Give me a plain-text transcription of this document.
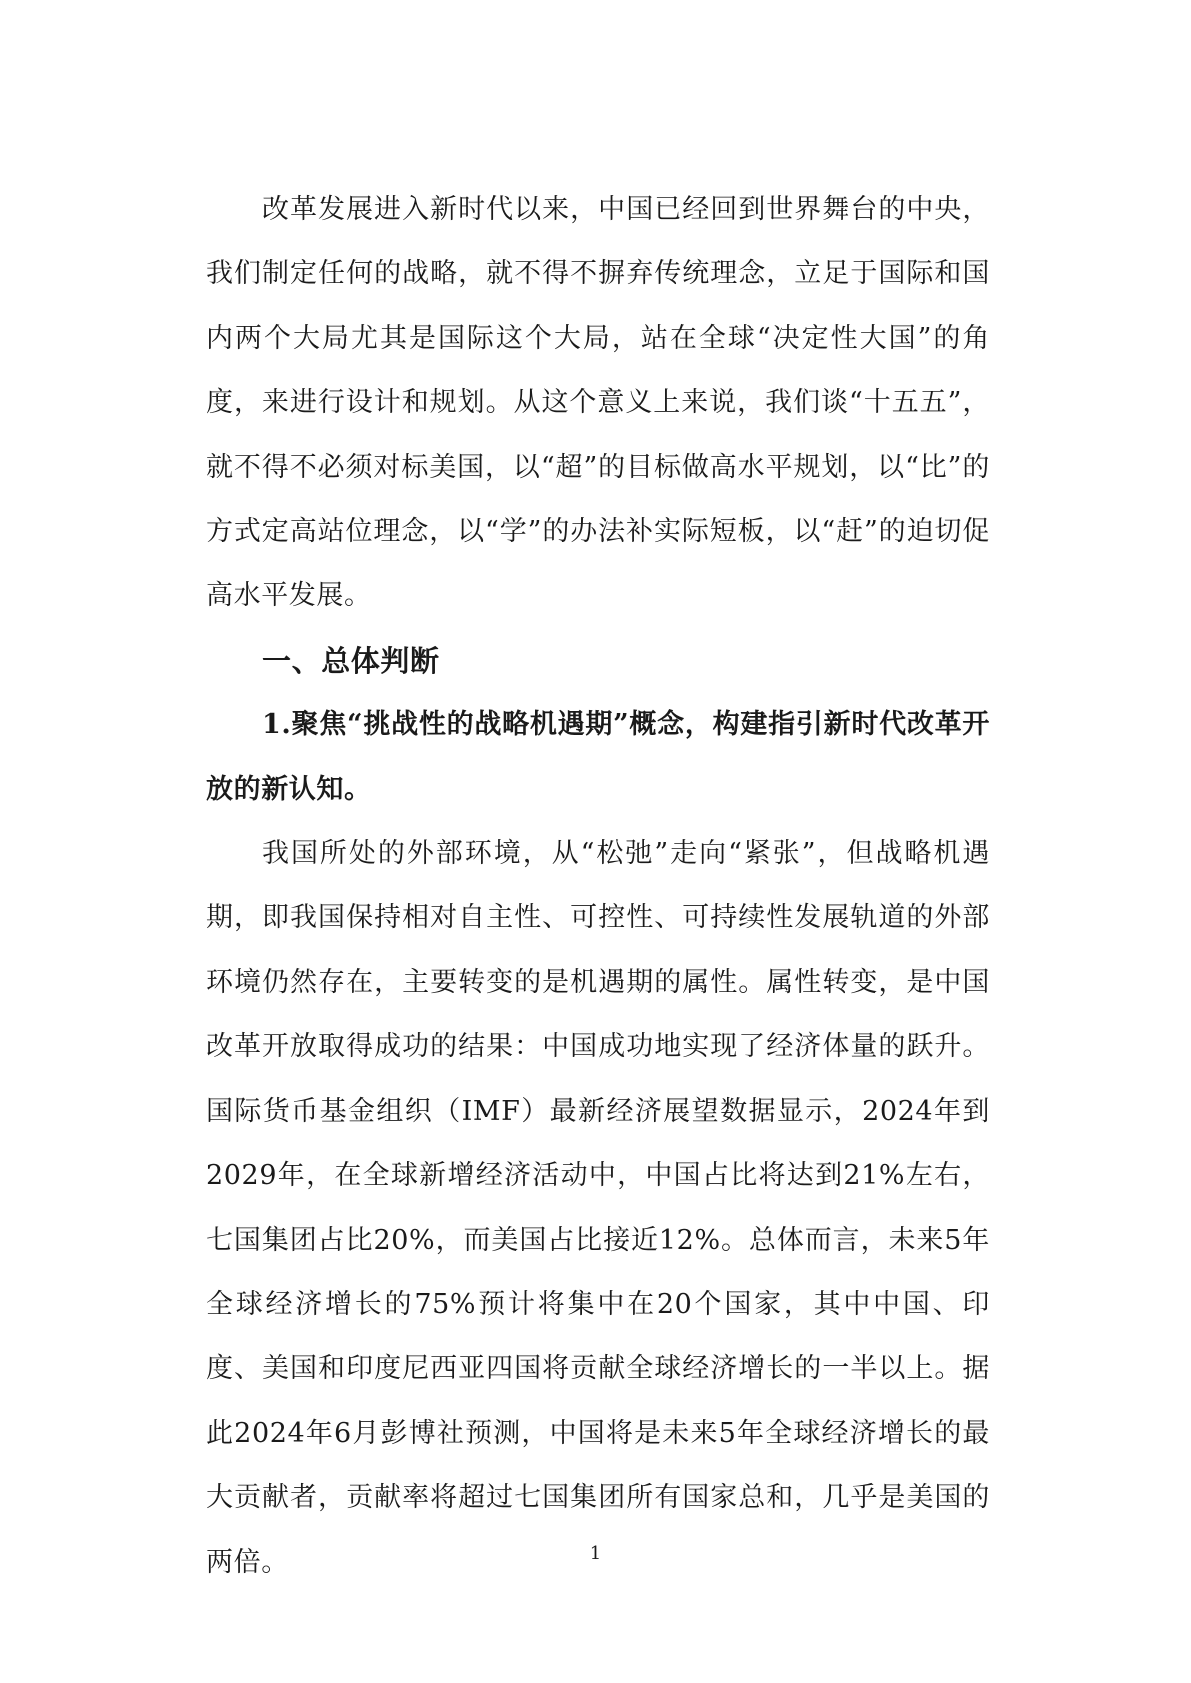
改革发展进入新时代以来，中国已经回到世界舞台的中央，我们制定任何的战略，就不得不摒弃传统理念，立足于国际和国内两个大局尤其是国际这个大局，站在全球“决定性大国”的角度，来进行设计和规划。从这个意义上来说，我们谈“十五五”，就不得不必须对标美国，以“超”的目标做高水平规划，以“比”的方式定高站位理念，以“学”的办法补实际短板，以“赶”的迫切促高水平发展。

一、总体判断
1.聚焦“挑战性的战略机遇期”概念，构建指引新时代改革开放的新认知。

我国所处的外部环境，从“松弛”走向“紧张”，但战略机遇期，即我国保持相对自主性、可控性、可持续性发展轨道的外部环境仍然存在，主要转变的是机遇期的属性。属性转变，是中国改革开放取得成功的结果：中国成功地实现了经济体量的跃升。国际货币基金组织（IMF）最新经济展望数据显示，2024年到2029年，在全球新增经济活动中，中国占比将达到21%左右，七国集团占比20%，而美国占比接近12%。总体而言，未来5年全球经济增长的75%预计将集中在20个国家，其中中国、印度、美国和印度尼西亚四国将贡献全球经济增长的一半以上。据此2024年6月彭博社预测，中国将是未来5年全球经济增长的最大贡献者，贡献率将超过七国集团所有国家总和，几乎是美国的两倍。	1
